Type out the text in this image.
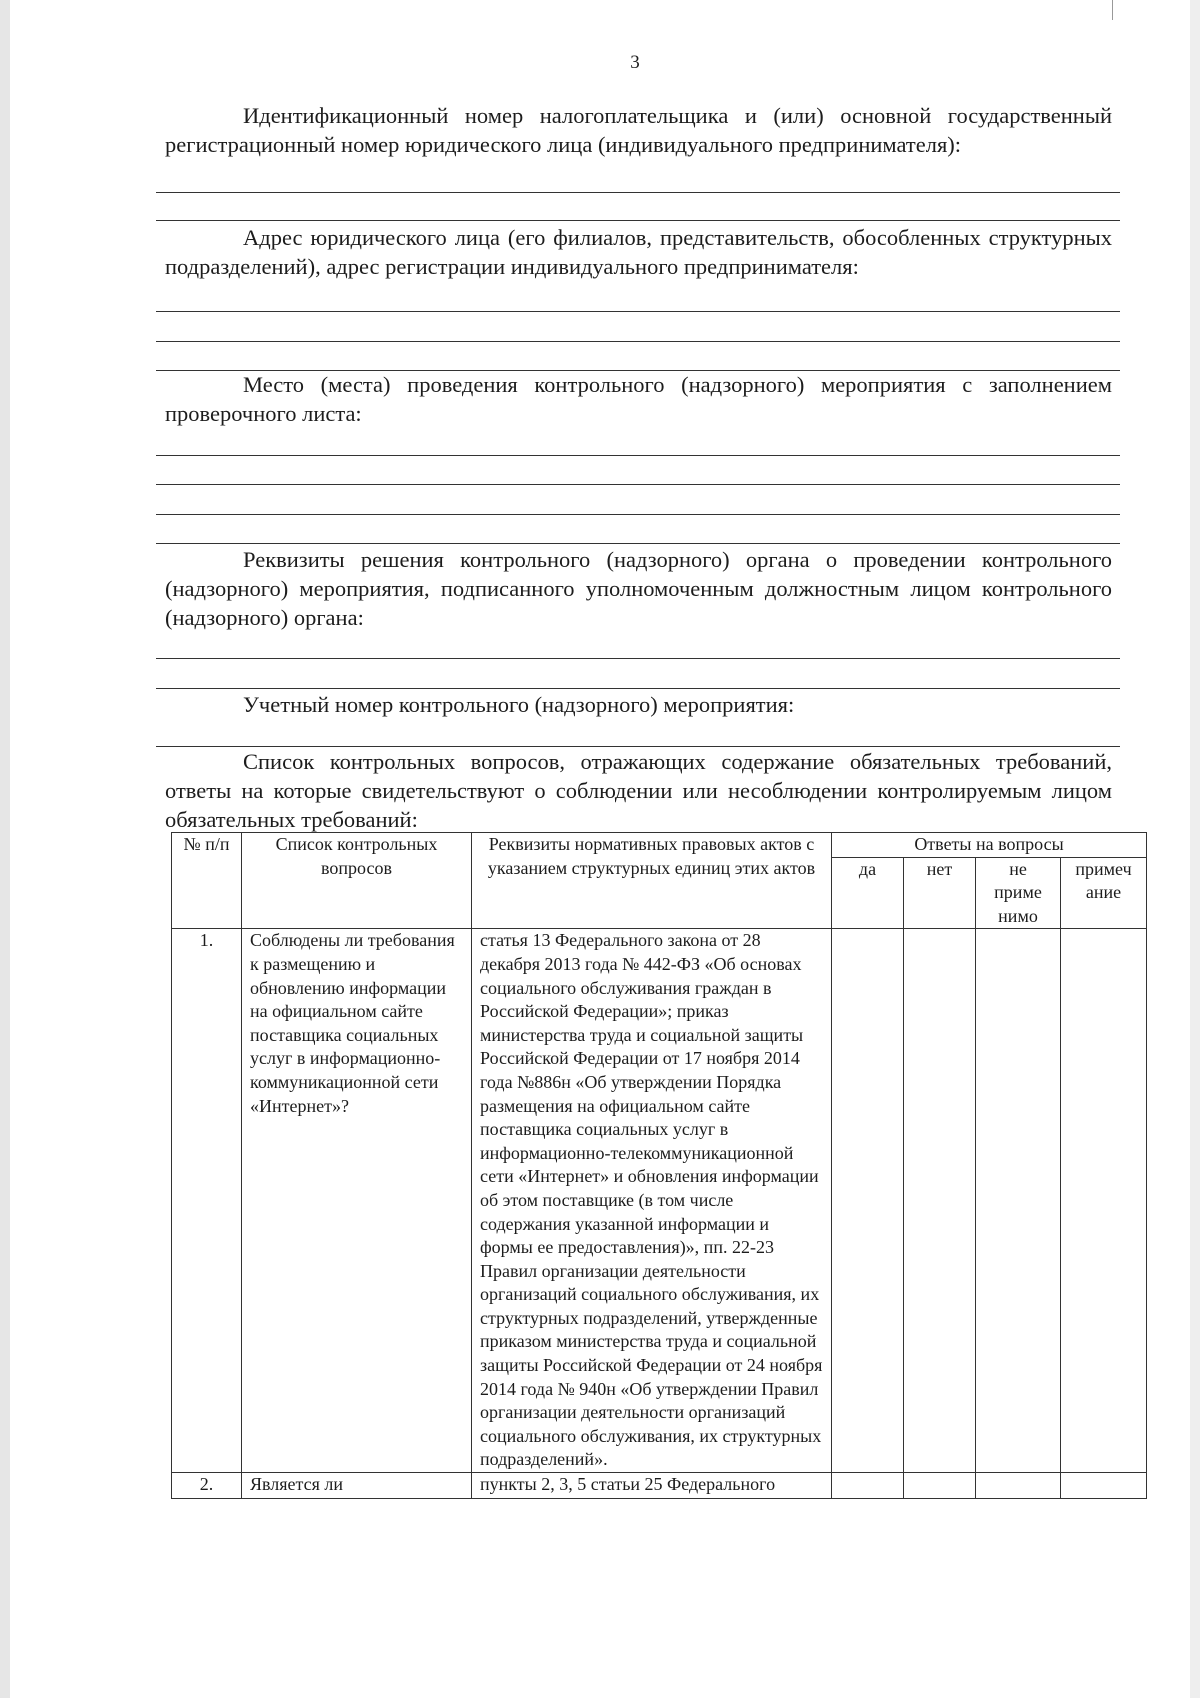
3

Идентификационный номер налогоплательщика и (или) основной государственный регистрационный номер юридического лица (индивидуального предпринимателя):

Адрес юридического лица (его филиалов, представительств, обособленных структурных подразделений), адрес регистрации индивидуального предпринимателя:

Место (места) проведения контрольного (надзорного) мероприятия с заполнением проверочного листа:

Реквизиты решения контрольного (надзорного) органа о проведении контрольного (надзорного) мероприятия, подписанного уполномоченным должностным лицом контрольного (надзорного) органа:

Учетный номер контрольного (надзорного) мероприятия:

Список контрольных вопросов, отражающих содержание обязательных требований, ответы на которые свидетельствуют о соблюдении или несоблюдении контролируемым лицом обязательных требований:

№ п/п	Список контрольных вопросов	Реквизиты нормативных правовых актов с указанием структурных единиц этих актов	Ответы на вопросы			
			да	нет	не приме нимо	примеч ание
1.	Соблюдены ли требования к размещению и обновлению информации на официальном сайте поставщика социальных услуг в информационно-коммуникационной сети «Интернет»?	статья 13 Федерального закона от 28 декабря 2013 года № 442-ФЗ «Об основах социального обслуживания граждан в Российской Федерации»; приказ министерства труда и социальной защиты Российской Федерации от 17 ноября 2014 года №886н «Об утверждении Порядка размещения на официальном сайте поставщика социальных услуг в информационно-телекоммуникационной сети «Интернет» и обновления информации об этом поставщике (в том числе содержания указанной информации и формы ее предоставления)», пп. 22-23 Правил организации деятельности организаций социального обслуживания, их структурных подразделений, утвержденные приказом министерства труда и социальной защиты Российской Федерации от 24 ноября 2014 года № 940н «Об утверждении Правил организации деятельности организаций социального обслуживания, их структурных подразделений».				
2.	Является ли	пункты 2, 3, 5 статьи 25 Федерального				
